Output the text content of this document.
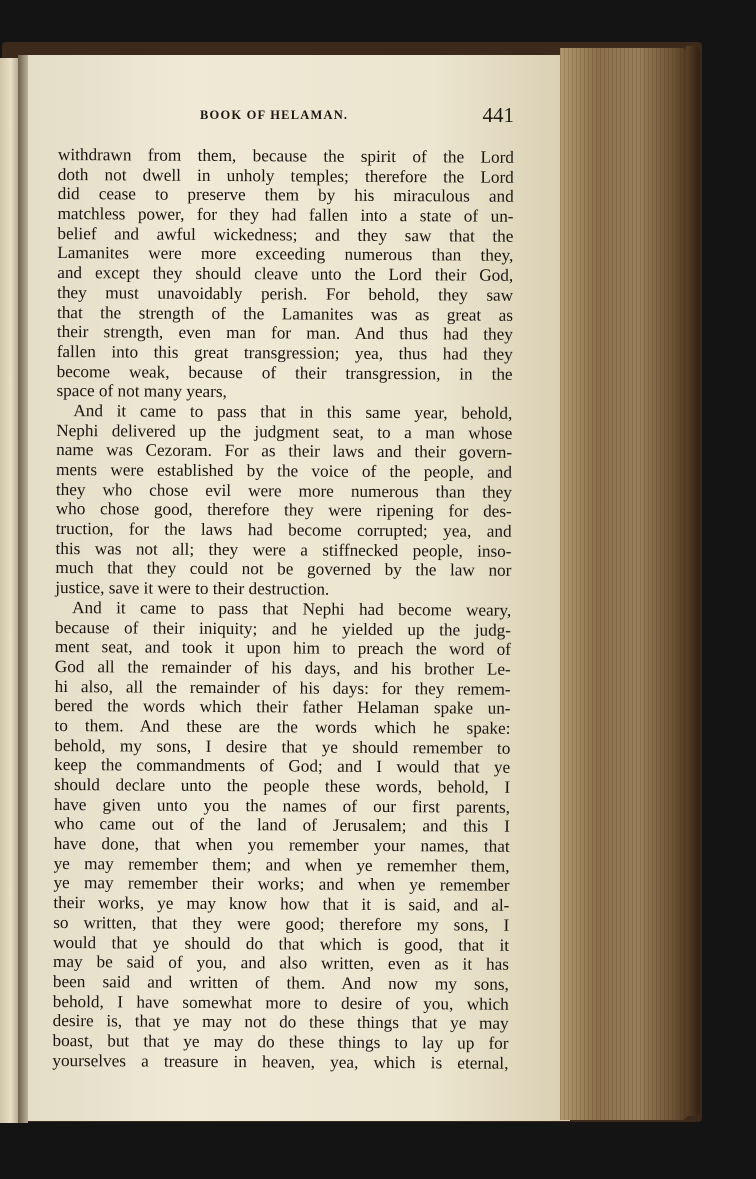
BOOK OF HELAMAN.	441
withdrawn from them, because the spirit of the Lord
doth not dwell in unholy temples; therefore the Lord
did cease to preserve them by his miraculous and
matchless power, for they had fallen into a state of un-
belief and awful wickedness; and they saw that the
Lamanites were more exceeding numerous than they,
and except they should cleave unto the Lord their God,
they must unavoidably perish. For behold, they saw
that the strength of the Lamanites was as great as
their strength, even man for man. And thus had they
fallen into this great transgression; yea, thus had they
become weak, because of their transgression, in the
space of not many years,
And it came to pass that in this same year, behold,
Nephi delivered up the judgment seat, to a man whose
name was Cezoram. For as their laws and their govern-
ments were established by the voice of the people, and
they who chose evil were more numerous than they
who chose good, therefore they were ripening for des-
truction, for the laws had become corrupted; yea, and
this was not all; they were a stiffnecked people, inso-
much that they could not be governed by the law nor
justice, save it were to their destruction.
And it came to pass that Nephi had become weary,
because of their iniquity; and he yielded up the judg-
ment seat, and took it upon him to preach the word of
God all the remainder of his days, and his brother Le-
hi also, all the remainder of his days: for they remem-
bered the words which their father Helaman spake un-
to them. And these are the words which he spake:
behold, my sons, I desire that ye should remember to
keep the commandments of God; and I would that ye
should declare unto the people these words, behold, I
have given unto you the names of our first parents,
who came out of the land of Jerusalem; and this I
have done, that when you remember your names, that
ye may remember them; and when ye rememher them,
ye may remember their works; and when ye remember
their works, ye may know how that it is said, and al-
so written, that they were good; therefore my sons, I
would that ye should do that which is good, that it
may be said of you, and also written, even as it has
been said and written of them. And now my sons,
behold, I have somewhat more to desire of you, which
desire is, that ye may not do these things that ye may
boast, but that ye may do these things to lay up for
yourselves a treasure in heaven, yea, which is eternal,
